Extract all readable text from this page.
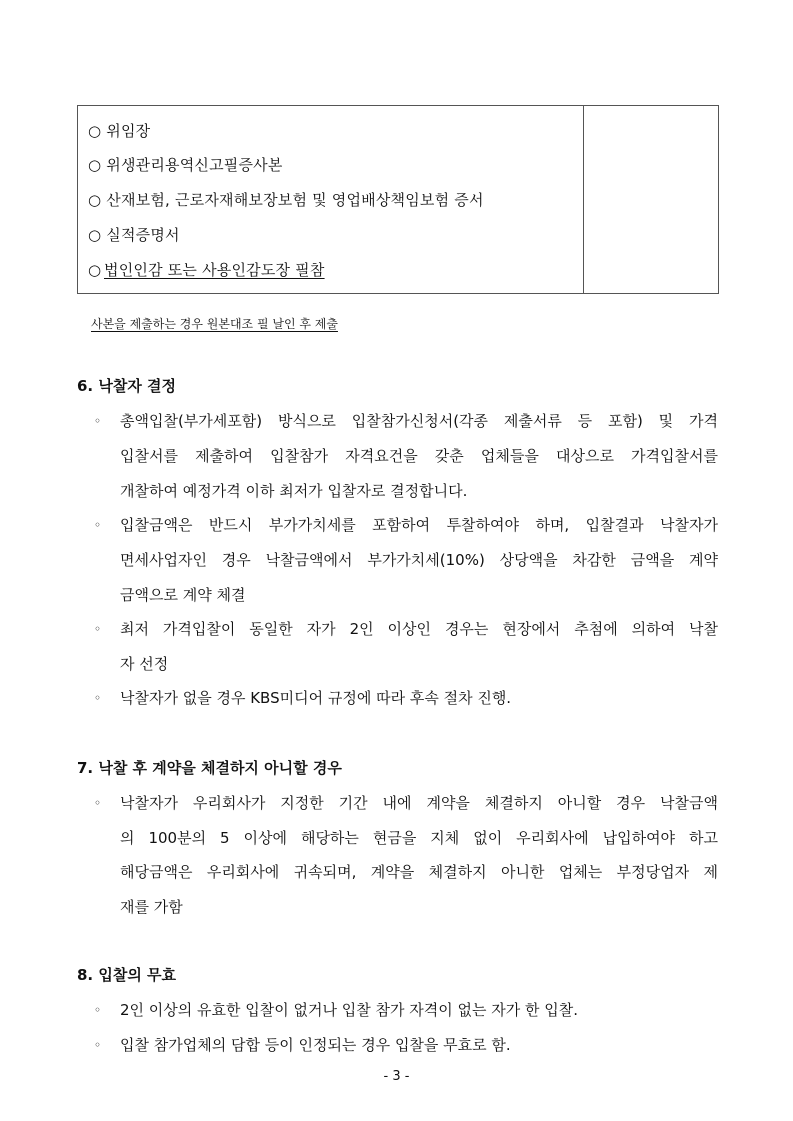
○ 위임장
○ 위생관리용역신고필증사본
○ 산재보험, 근로자재해보장보험 및 영업배상책임보험 증서
○ 실적증명서
○ 법인인감 또는 사용인감도장 필참
사본을 제출하는 경우 원본대조 필 날인 후 제출
6. 낙찰자 결정
◦ 총액입찰(부가세포함) 방식으로 입찰참가신청서(각종 제출서류 등 포함) 및 가격
입찰서를 제출하여 입찰참가 자격요건을 갖춘 업체들을 대상으로 가격입찰서를
개찰하여 예정가격 이하 최저가 입찰자로 결정합니다.
◦ 입찰금액은 반드시 부가가치세를 포함하여 투찰하여야 하며, 입찰결과 낙찰자가
면세사업자인 경우 낙찰금액에서 부가가치세(10%) 상당액을 차감한 금액을 계약
금액으로 계약 체결
◦ 최저 가격입찰이 동일한 자가 2인 이상인 경우는 현장에서 추첨에 의하여 낙찰
자 선정
◦ 낙찰자가 없을 경우 KBS미디어 규정에 따라 후속 절차 진행.
7. 낙찰 후 계약을 체결하지 아니할 경우
◦ 낙찰자가 우리회사가 지정한 기간 내에 계약을 체결하지 아니할 경우 낙찰금액
의 100분의 5 이상에 해당하는 현금을 지체 없이 우리회사에 납입하여야 하고
해당금액은 우리회사에 귀속되며, 계약을 체결하지 아니한 업체는 부정당업자 제
재를 가함
8. 입찰의 무효
◦ 2인 이상의 유효한 입찰이 없거나 입찰 참가 자격이 없는 자가 한 입찰.
◦ 입찰 참가업체의 담합 등이 인정되는 경우 입찰을 무효로 함.
- 3 -
